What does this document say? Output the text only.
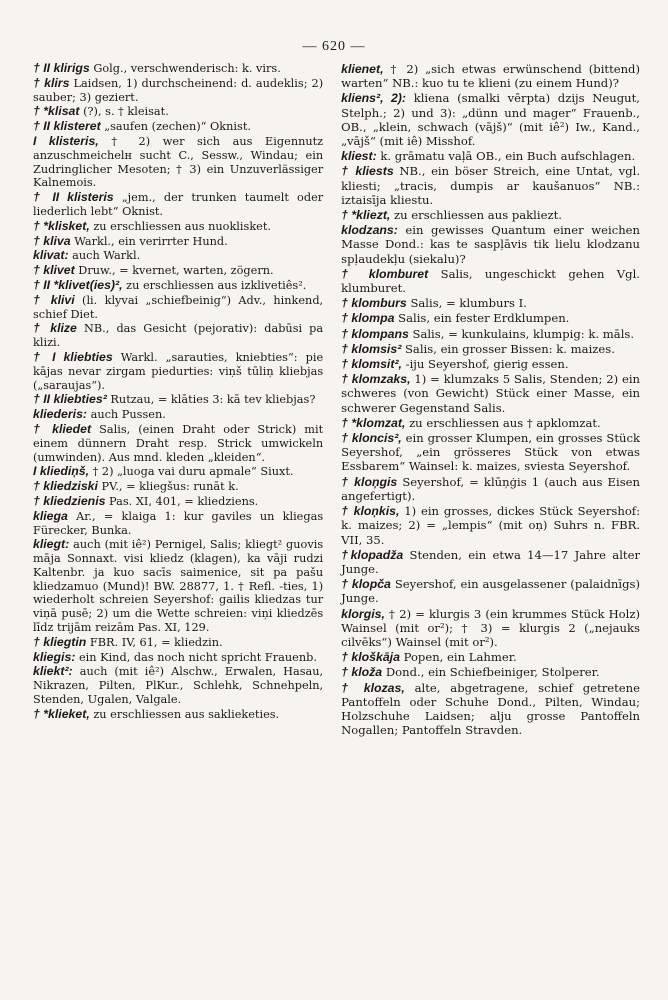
— 620 —
† II klirigs Golg., verschwenderisch: k. virs.
† klirs Laidsen, 1) durchscheinend: d. audeklis; 2) sauber; 3) geziert.
† *klisat (?), s. † kleisat.
† II klisteret „saufen (zechen)“ Oknist.
I klisteris, † 2) wer sich aus Eigennutz anzuschmeichelн sucht C., Sessw., Windau; ein Zudringlicher Mesoten; † 3) ein Unzuverlässiger Kalnemois.
† II klisteris „jem., der trunken taumelt oder liederlich lebt“ Oknist.
† *klisket, zu erschliessen aus nuoklisket.
† kliva Warkl., ein verirrter Hund.
klivat: auch Warkl.
† klivet Druw., = kvernet, warten, zögern.
† II *klivet(ies)², zu erschliessen aus izklivetiês².
† klivi (li. klyvai „schiefbeinig“) Adv., hinkend, schief Diet.
† klize NB., das Gesicht (pejorativ): dabūsi pa klizi.
† I kliebties Warkl. „sarauties, kniebties“: pie kājas nevar zirgam piedurties: viņš tūliņ kliebjas („saraujas“).
† II kliebties² Rutzau, = klāties 3: kā tev kliebjas?
kliederis: auch Pussen.
† kliedet Salis, (einen Draht oder Strick) mit einem dünnern Draht resp. Strick umwickeln (umwinden). Aus mnd. kleden „kleiden“.
I kliediņš, † 2) „luoga vai duru apmale“ Siuxt.
† kliedziski PV., = kliegšus: runāt k.
† kliedzienis Pas. XI, 401, = kliedziens.
kliega Ar., = klaiga 1: kur gaviles un kliegas Fürecker, Bunka.
kliegt: auch (mit iê²) Pernigel, Salis; kliegt² guovis māja Sonnaxt. visi kliedz (klagen), ka vāji rudzi Kaltenbr. ja kuo sacīs saimenice, sit pa pašu kliedzamuo (Mund)! BW. 28877, 1. † Refl. -ties, 1) wiederholt schreien Seyershof: gailis kliedzas tur viņā pusē; 2) um die Wette schreien: viņi kliedzēs līdz trijām reizām Pas. XI, 129.
† kliegtin FBR. IV, 61, = kliedzin.
kliegis: ein Kind, das noch nicht spricht Frauenb.
kliekt²: auch (mit iê²) Alschw., Erwalen, Hasau, Nikrazen, Pilten, PlKur., Schlehk, Schnehpeln, Stenden, Ugalen, Valgale.
† *klieket, zu erschliessen aus saklieketies.
klienet, † 2) „sich etwas erwünschend (bittend) warten“ NB.: kuo tu te klieni (zu einem Hund)?
kliens², 2): kliena (smalki vērpta) dzijs Neugut, Stelph.; 2) und 3): „dünn und mager“ Frauenb., OB., „klein, schwach (vājš)“ (mit iê²) Iw., Kand., „vājš“ (mit iê) Misshof.
kliest: k. grāmatu vaļā OB., ein Buch aufschlagen.
† kliests NB., ein böser Streich, eine Untat, vgl. kliesti; „tracis, dumpis ar kaušanuos“ NB.: iztaisīja kliestu.
† *kliezt, zu erschliessen aus pakliezt.
klodzans: ein gewisses Quantum einer weichen Masse Dond.: kas te saspļāvis tik lielu klodzanu spļaudekļu (siekalu)?
† klomburet Salis, ungeschickt gehen Vgl. klumburet.
† klomburs Salis, = klumburs I.
† klompa Salis, ein fester Erdklumpen.
† klompans Salis, = kunkulains, klumpig: k. māls.
† klomsis² Salis, ein grosser Bissen: k. maizes.
† klomsit², -iju Seyershof, gierig essen.
† klomzaks, 1) = klumzaks 5 Salis, Stenden; 2) ein schweres (von Gewicht) Stück einer Masse, ein schwerer Gegenstand Salis.
† *klomzat, zu erschliessen aus † apklomzat.
† kloncis², ein grosser Klumpen, ein grosses Stück Seyershof, „ein grösseres Stück von etwas Essbarem“ Wainsel: k. maizes, sviesta Seyershof.
† kloņgis Seyershof, = klūņģis 1 (auch aus Eisen angefertigt).
† kloņkis, 1) ein grosses, dickes Stück Seyershof: k. maizes; 2) = „lempis“ (mit oņ) Suhrs n. FBR. VII, 35.
†klopadža Stenden, ein etwa 14—17 Jahre alter Junge.
† klopča Seyershof, ein ausgelassener (palaidnīgs) Junge.
klorgis, † 2) = klurgis 3 (ein krummes Stück Holz) Wainsel (mit or²); † 3) = klurgis 2 („nejauks cilvēks“) Wainsel (mit or²).
† kloškāja Popen, ein Lahmer.
† kloža Dond., ein Schiefbeiniger, Stolperer.
† klozas, alte, abgetragene, schief getretene Pantoffeln oder Schuhe Dond., Pilten, Windau; Holzschuhe Laidsen; alju grosse Pantoffeln Nogallen; Pantoffeln Stravden.
